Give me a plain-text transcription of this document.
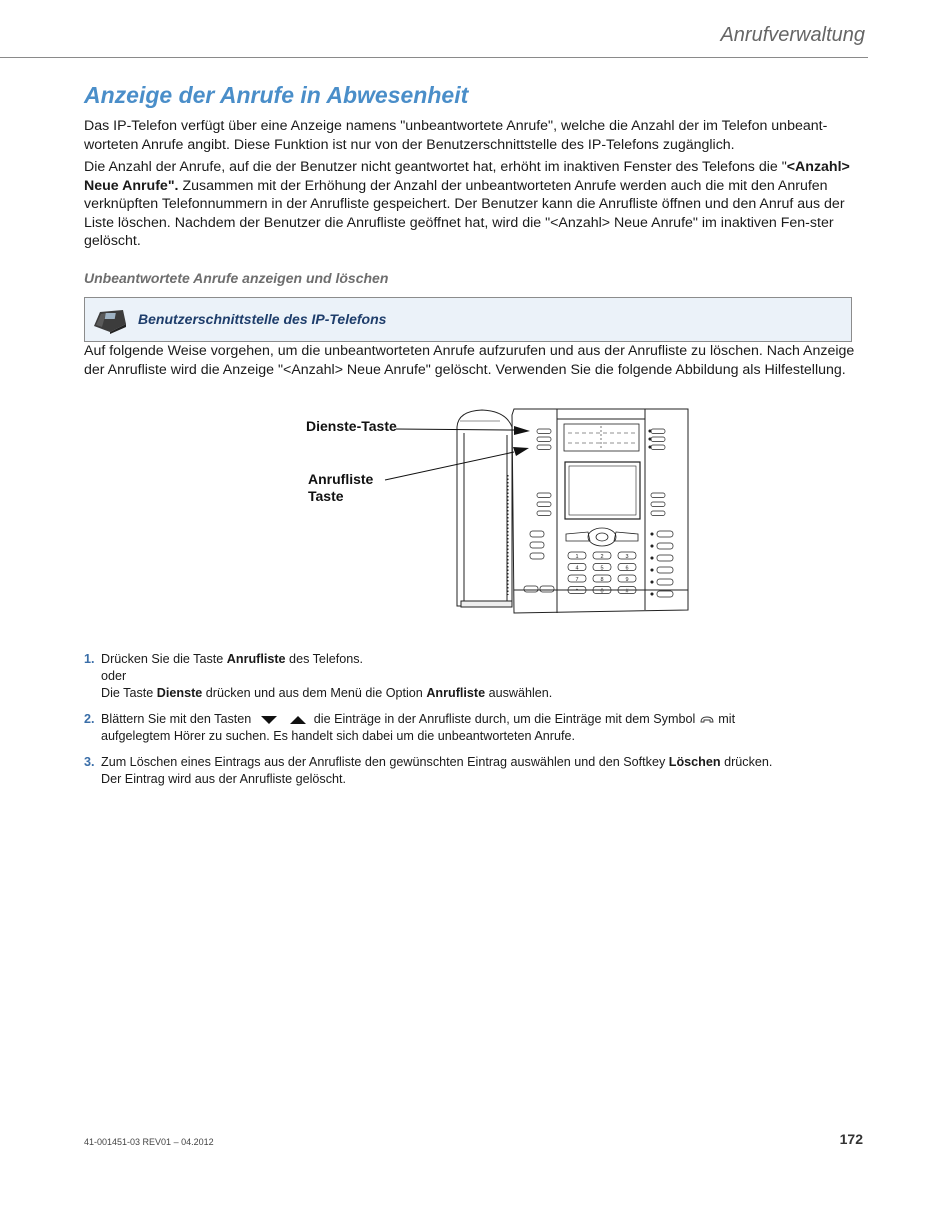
Anrufverwaltung
Anzeige der Anrufe in Abwesenheit

Das IP-Telefon verfügt über eine Anzeige namens "unbeantwortete Anrufe", welche die Anzahl der im Telefon unbeant-worteten Anrufe angibt. Diese Funktion ist nur von der Benutzerschnittstelle des IP-Telefons zugänglich.

Die Anzahl der Anrufe, auf die der Benutzer nicht geantwortet hat, erhöht im inaktiven Fenster des Telefons die "<Anzahl> Neue Anrufe". Zusammen mit der Erhöhung der Anzahl der unbeantworteten Anrufe werden auch die mit den Anrufen verknüpften Telefonnummern in der Anrufliste gespeichert. Der Benutzer kann die Anrufliste öffnen und den Anruf aus der Liste löschen. Nachdem der Benutzer die Anrufliste geöffnet hat, wird die "<Anzahl> Neue Anrufe" im inaktiven Fen-ster gelöscht.

Unbeantwortete Anrufe anzeigen und löschen
Benutzerschnittstelle des IP-Telefons

Auf folgende Weise vorgehen, um die unbeantworteten Anrufe aufzurufen und aus der Anrufliste zu löschen. Nach Anzeige der Anrufliste wird die Anzeige "<Anzahl> Neue Anrufe" gelöscht. Verwenden Sie die folgende Abbildung als Hilfestellung.

1	2	3
4	5	6
7	8	9
*	0	#
Dienste-Taste
Anrufliste
Taste
1. Drücken Sie die Taste Anrufliste des Telefons.
oder
Die Taste Dienste drücken und aus dem Menü die Option Anrufliste auswählen.
2. Blättern Sie mit den Tasten	die Einträge in der Anrufliste durch, um die Einträge mit dem Symbol mit
aufgelegtem Hörer zu suchen. Es handelt sich dabei um die unbeantworteten Anrufe.
3. Zum Löschen eines Eintrags aus der Anrufliste den gewünschten Eintrag auswählen und den Softkey Löschen drücken.
Der Eintrag wird aus der Anrufliste gelöscht.
41-001451-03 REV01 – 04.2012	172
